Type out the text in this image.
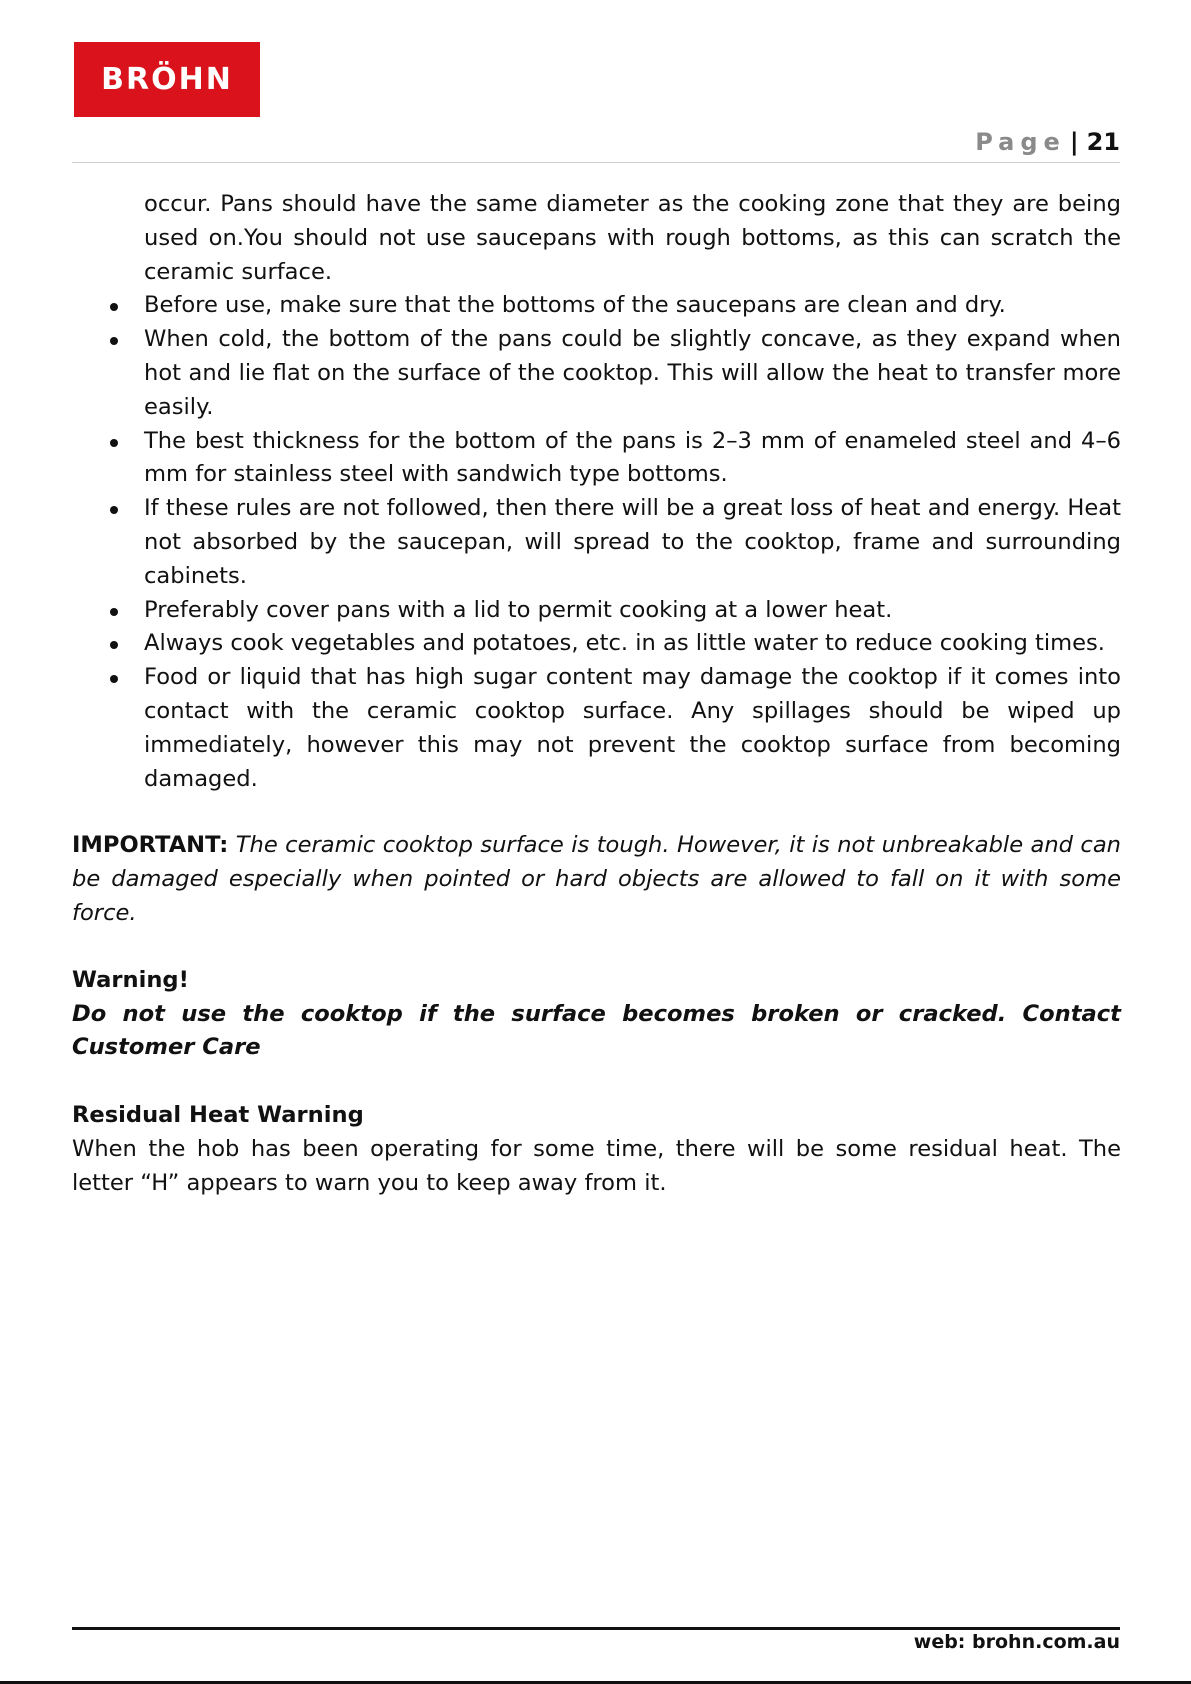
BRÖHN
Page | 21

occur. Pans should have the same diameter as the cooking zone that they are being used on.You should not use saucepans with rough bottoms, as this can scratch the ceramic surface.

Before use, make sure that the bottoms of the saucepans are clean and dry.
When cold, the bottom of the pans could be slightly concave, as they expand when hot and lie flat on the surface of the cooktop. This will allow the heat to transfer more easily.
The best thickness for the bottom of the pans is 2–3 mm of enameled steel and 4–6 mm for stainless steel with sandwich type bottoms.
If these rules are not followed, then there will be a great loss of heat and energy. Heat not absorbed by the saucepan, will spread to the cooktop, frame and surrounding cabinets.
Preferably cover pans with a lid to permit cooking at a lower heat.
Always cook vegetables and potatoes, etc. in as little water to reduce cooking times.
Food or liquid that has high sugar content may damage the cooktop if it comes into contact with the ceramic cooktop surface. Any spillages should be wiped up immediately, however this may not prevent the cooktop surface from becoming damaged.

IMPORTANT: The ceramic cooktop surface is tough. However, it is not unbreakable and can be damaged especially when pointed or hard objects are allowed to fall on it with some force.

Warning!

Do not use the cooktop if the surface becomes broken or cracked. Contact Customer Care

Residual Heat Warning

When the hob has been operating for some time, there will be some residual heat. The letter “H” appears to warn you to keep away from it.

web: brohn.com.au
